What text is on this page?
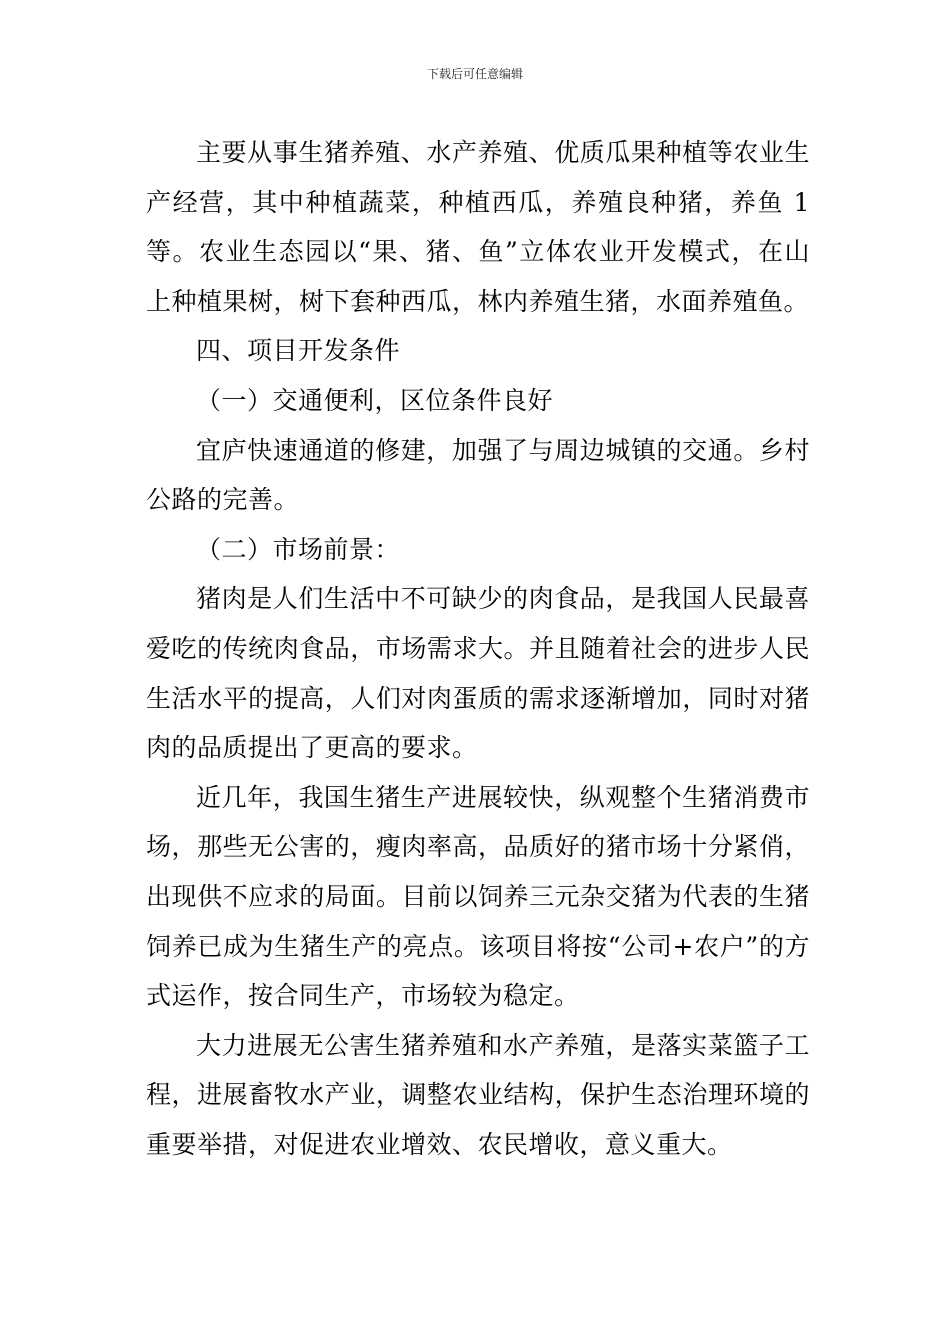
下载后可任意编辑

主要从事生猪养殖、水产养殖、优质瓜果种植等农业生产经营，其中种植蔬菜，种植西瓜，养殖良种猪，养鱼 1 等。农业生态园以“果、猪、鱼”立体农业开发模式，在山上种植果树，树下套种西瓜，林内养殖生猪，水面养殖鱼。

四、项目开发条件

（一）交通便利，区位条件良好

宜庐快速通道的修建，加强了与周边城镇的交通。乡村公路的完善。

（二）市场前景：

猪肉是人们生活中不可缺少的肉食品，是我国人民最喜爱吃的传统肉食品，市场需求大。并且随着社会的进步人民生活水平的提高，人们对肉蛋质的需求逐渐增加，同时对猪肉的品质提出了更高的要求。

近几年，我国生猪生产进展较快，纵观整个生猪消费市场，那些无公害的，瘦肉率高，品质好的猪市场十分紧俏，出现供不应求的局面。目前以饲养三元杂交猪为代表的生猪饲养已成为生猪生产的亮点。该项目将按“公司+农户”的方式运作，按合同生产，市场较为稳定。

大力进展无公害生猪养殖和水产养殖，是落实菜篮子工程，进展畜牧水产业，调整农业结构，保护生态治理环境的重要举措，对促进农业增效、农民增收，意义重大。
